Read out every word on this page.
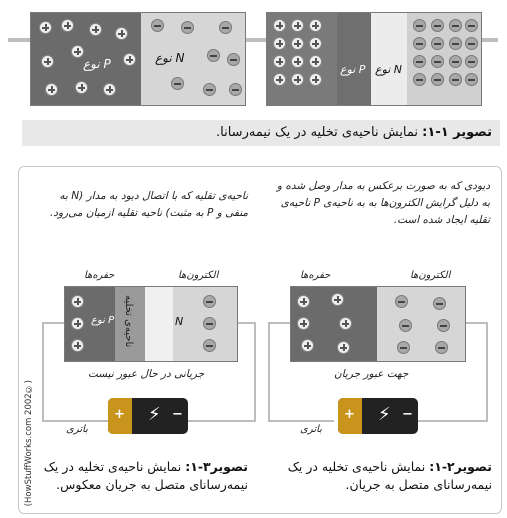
نوع P	نوع N
نوع P نوع N
تصویر ۱-۱: نمایش ناحیه‌ی تخلیه در یک نیمه‌رسانا.
دیودی که به صورت برعکس به مدار وصل شده و به دلیل گرایش الکترون‌ها به به ناحیه‌ی P ناحیه‌ی تقلیه ایجاد شده است.
الکترون‌ها
حفره‌ها
جهت عبور جریان
+ ⚡ −
باتری
تصویر۲-۱: نمایش ناحیه‌ی تخلیه در یک نیمه‌رسانای متصل به جریان.
ناحیه‌ی تقلیه که با اتصال دیود به مدار (N به منفی و P به مثبت) ناحیه تقلیه ازمیان می‌رود.
الکترون‌ها
حفره‌ها
نوع P ناحیه‌ی تخلیه	N
جریانی در حال عبور نیست
+ ⚡ −
باتری
تصویر۳-۱: نمایش ناحیه‌ی تخلیه در یک نیمه‌رسانای متصل به جریان معکوس.
(HowStuffWorks.com 2002©)
